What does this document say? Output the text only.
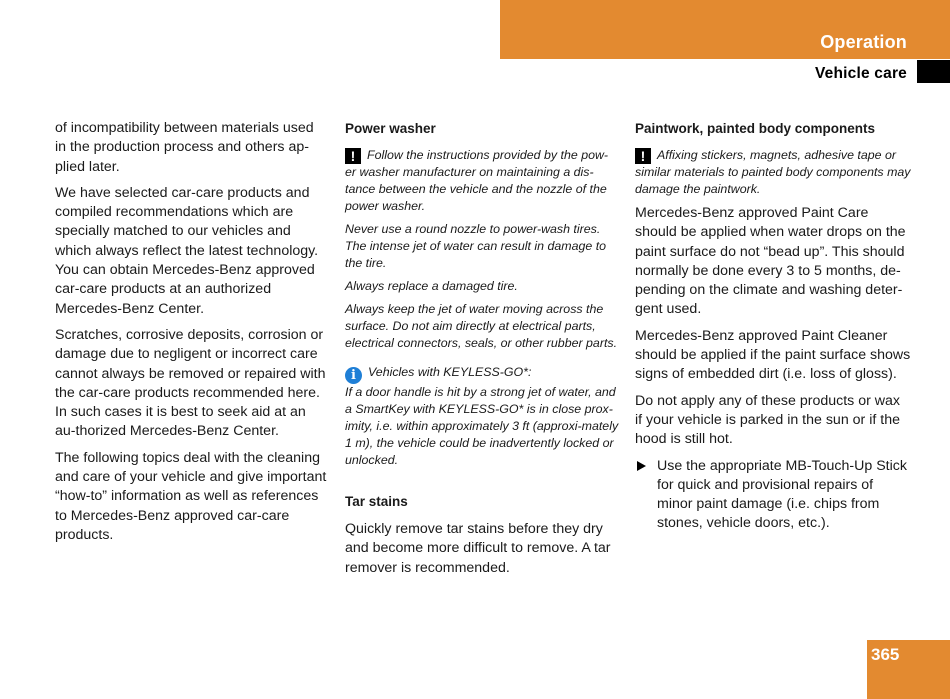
Operation
Vehicle care

of incompatibility between materials used in the production process and others ap-plied later.

We have selected car-care products and compiled recommendations which are specially matched to our vehicles and which always reflect the latest technology. You can obtain Mercedes-Benz approved car-care products at an authorized Mercedes-Benz Center.

Scratches, corrosive deposits, corrosion or damage due to negligent or incorrect care cannot always be removed or repaired with the car-care products recommended here. In such cases it is best to seek aid at an au-thorized Mercedes-Benz Center.

The following topics deal with the cleaning and care of your vehicle and give important “how-to” information as well as references to Mercedes-Benz approved car-care products.

Power washer

! Follow the instructions provided by the pow-er washer manufacturer on maintaining a dis-tance between the vehicle and the nozzle of the power washer.

Never use a round nozzle to power-wash tires. The intense jet of water can result in damage to the tire.

Always replace a damaged tire.

Always keep the jet of water moving across the surface. Do not aim directly at electrical parts, electrical connectors, seals, or other rubber parts.

i Vehicles with KEYLESS-GO*:

If a door handle is hit by a strong jet of water, and a SmartKey with KEYLESS-GO* is in close prox-imity, i.e. within approximately 3 ft (approxi-mately 1 m), the vehicle could be inadvertently locked or unlocked.

Tar stains

Quickly remove tar stains before they dry and become more difficult to remove. A tar remover is recommended.

Paintwork, painted body components

! Affixing stickers, magnets, adhesive tape or similar materials to painted body components may damage the paintwork.

Mercedes-Benz approved Paint Care should be applied when water drops on the paint surface do not “bead up”. This should normally be done every 3 to 5 months, de-pending on the climate and washing deter-gent used.

Mercedes-Benz approved Paint Cleaner should be applied if the paint surface shows signs of embedded dirt (i.e. loss of gloss).

Do not apply any of these products or wax if your vehicle is parked in the sun or if the hood is still hot.

Use the appropriate MB-Touch-Up Stick for quick and provisional repairs of minor paint damage (i.e. chips from stones, vehicle doors, etc.).

365
